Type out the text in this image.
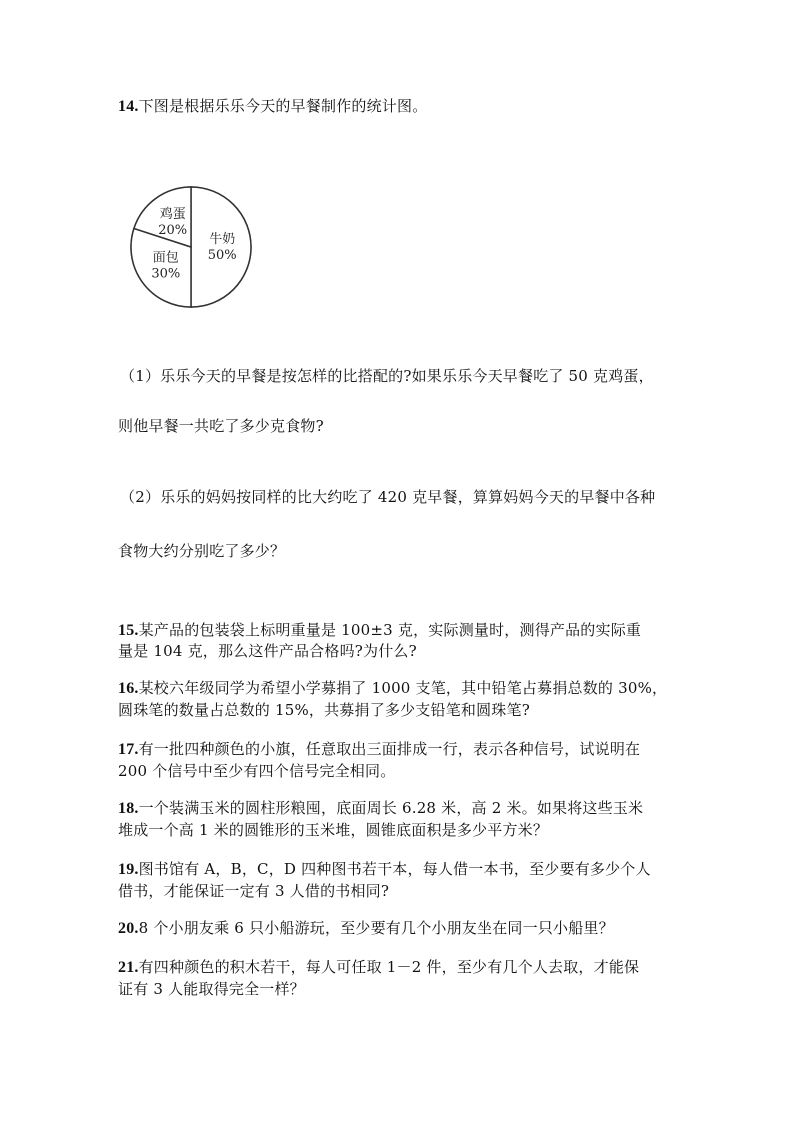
14.下图是根据乐乐今天的早餐制作的统计图。
牛奶
50%
面包
30%
鸡蛋
20%
（1）乐乐今天的早餐是按怎样的比搭配的?如果乐乐今天早餐吃了 50 克鸡蛋，
则他早餐一共吃了多少克食物?
（2）乐乐的妈妈按同样的比大约吃了 420 克早餐，算算妈妈今天的早餐中各种
食物大约分别吃了多少？
15.某产品的包装袋上标明重量是 100±3 克，实际测量时，测得产品的实际重
量是 104 克，那么这件产品合格吗?为什么?
16.某校六年级同学为希望小学募捐了 1000 支笔，其中铅笔占募捐总数的 30%，
圆珠笔的数量占总数的 15%，共募捐了多少支铅笔和圆珠笔?
17.有一批四种颜色的小旗，任意取出三面排成一行，表示各种信号，试说明在
200 个信号中至少有四个信号完全相同。
18.一个装满玉米的圆柱形粮囤，底面周长 6.28 米，高 2 米。如果将这些玉米
堆成一个高 1 米的圆锥形的玉米堆，圆锥底面积是多少平方米？
19.图书馆有 A，B，C，D 四种图书若干本，每人借一本书，至少要有多少个人
借书，才能保证一定有 3 人借的书相同?
20.8 个小朋友乘 6 只小船游玩，至少要有几个小朋友坐在同一只小船里？
21.有四种颜色的积木若干，每人可任取 1－2 件，至少有几个人去取，才能保
证有 3 人能取得完全一样？
